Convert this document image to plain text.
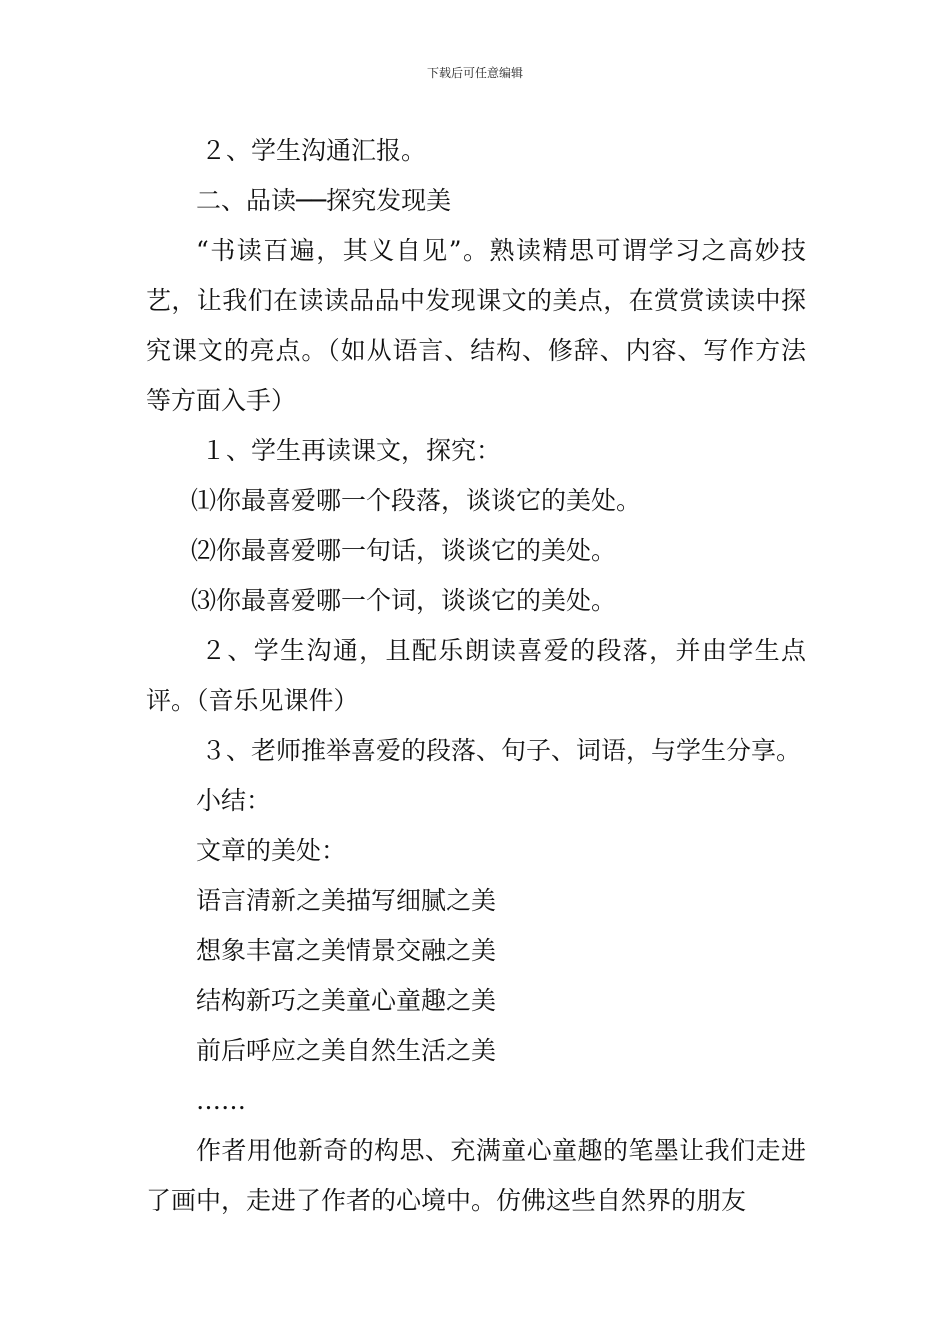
下载后可任意编辑
２、学生沟通汇报。
二、品读──探究发现美
“书读百遍，其义自见”。熟读精思可谓学习之高妙技艺，让我们在读读品品中发现课文的美点，在赏赏读读中探究课文的亮点。（如从语言、结构、修辞、内容、写作方法等方面入手）
１、学生再读课文，探究：
⑴你最喜爱哪一个段落，谈谈它的美处。
⑵你最喜爱哪一句话，谈谈它的美处。
⑶你最喜爱哪一个词，谈谈它的美处。
２、学生沟通，且配乐朗读喜爱的段落，并由学生点评。（音乐见课件）
３、老师推举喜爱的段落、句子、词语，与学生分享。
小结：
文章的美处：
语言清新之美描写细腻之美
想象丰富之美情景交融之美
结构新巧之美童心童趣之美
前后呼应之美自然生活之美
……
作者用他新奇的构思、充满童心童趣的笔墨让我们走进了画中，走进了作者的心境中。仿佛这些自然界的朋友
